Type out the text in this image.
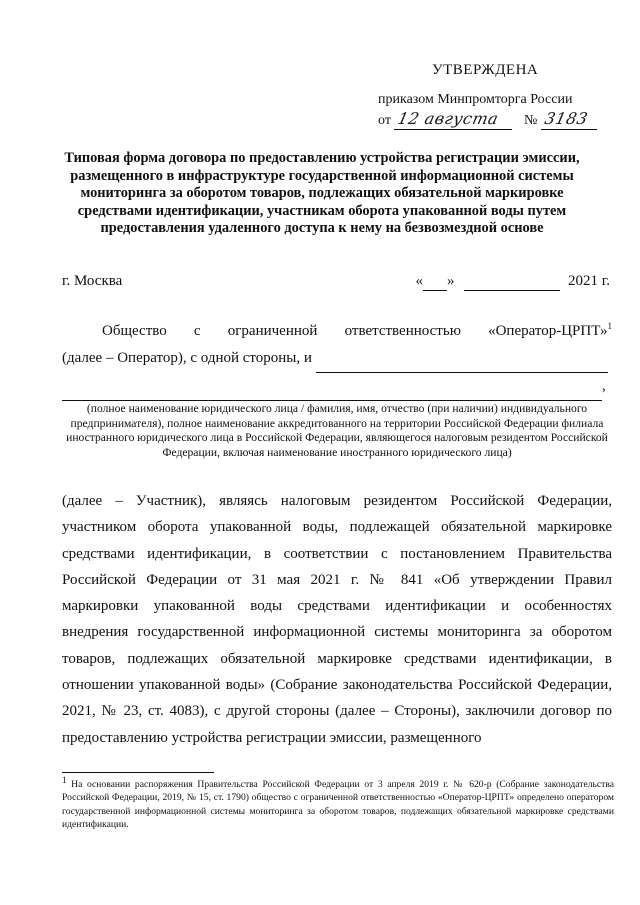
УТВЕРЖДЕНА
приказом Минпромторга России
от 12 августа № 3183
Типовая форма договора по предоставлению устройства регистрации эмиссии, размещенного в инфраструктуре государственной информационной системы мониторинга за оборотом товаров, подлежащих обязательной маркировке средствами идентификации, участникам оборота упакованной воды путем предоставления удаленного доступа к нему на безвозмездной основе
г. Москва	« »	2021 г.
Общество с ограниченной ответственностью «Оператор-ЦРПТ»$^1$
(далее – Оператор), с одной стороны, и
,
(полное наименование юридического лица / фамилия, имя, отчество (при наличии) индивидуального предпринимателя), полное наименование аккредитованного на территории Российской Федерации филиала иностранного юридического лица в Российской Федерации, являющегося налоговым резидентом Российской Федерации, включая наименование иностранного юридического лица)
(далее – Участник), являясь налоговым резидентом Российской Федерации, участником оборота упакованной воды, подлежащей обязательной маркировке средствами идентификации, в соответствии с постановлением Правительства Российской Федерации от 31 мая 2021 г. № 841 «Об утверждении Правил маркировки упакованной воды средствами идентификации и особенностях внедрения государственной информационной системы мониторинга за оборотом товаров, подлежащих обязательной маркировке средствами идентификации, в отношении упакованной воды» (Собрание законодательства Российской Федерации, 2021, № 23, ст. 4083), с другой стороны (далее – Стороны), заключили договор по предоставлению устройства регистрации эмиссии, размещенного
$^1$ На основании распоряжения Правительства Российской Федерации от 3 апреля 2019 г. № 620-р (Собрание законодательства Российской Федерации, 2019, № 15, ст. 1790) общество с ограниченной ответственностью «Оператор-ЦРПТ» определено оператором государственной информационной системы мониторинга за оборотом товаров, подлежащих обязательной маркировке средствами идентификации.
